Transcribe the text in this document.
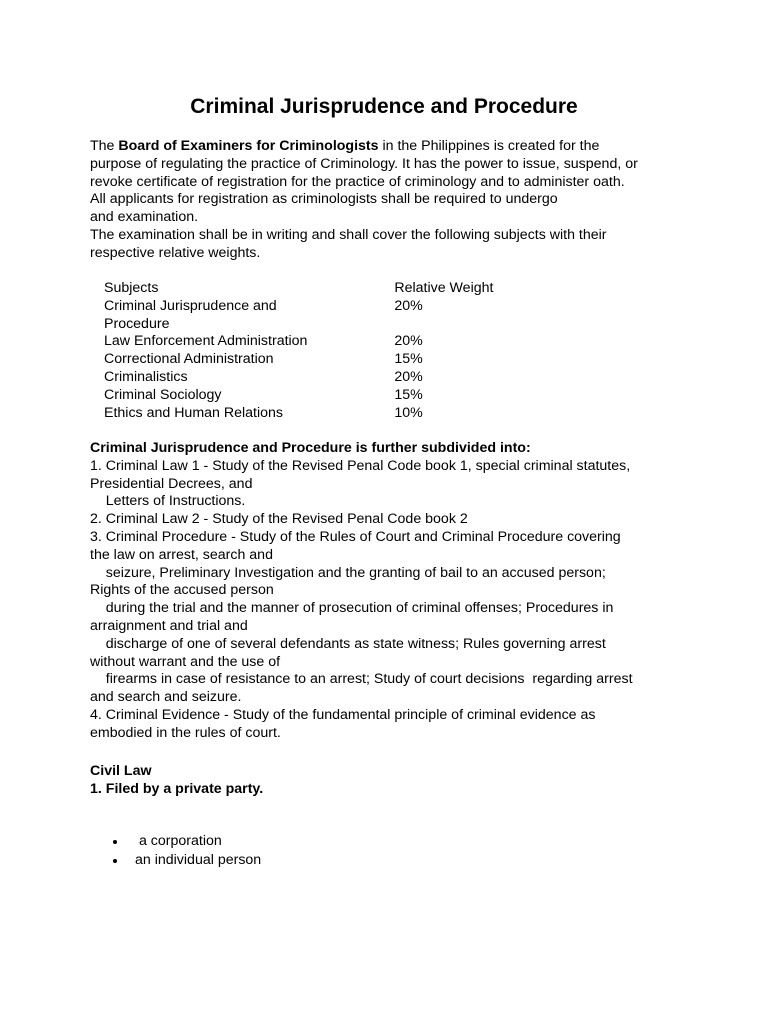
Criminal Jurisprudence and Procedure
The Board of Examiners for Criminologists in the Philippines is created for the
purpose of regulating the practice of Criminology. It has the power to issue, suspend, or
revoke certificate of registration for the practice of criminology and to administer oath.
All applicants for registration as criminologists shall be required to undergo
and examination.
The examination shall be in writing and shall cover the following subjects with their
respective relative weights.
Subjects	Relative Weight

Criminal Jurisprudence and
Procedure	20%
Law Enforcement Administration	20%
Correctional Administration	15%
Criminalistics	20%
Criminal Sociology	15%
Ethics and Human Relations	10%
Criminal Jurisprudence and Procedure is further subdivided into:
1. Criminal Law 1 - Study of the Revised Penal Code book 1, special criminal statutes,
Presidential Decrees, and
Letters of Instructions.
2. Criminal Law 2 - Study of the Revised Penal Code book 2
3. Criminal Procedure - Study of the Rules of Court and Criminal Procedure covering
the law on arrest, search and
seizure, Preliminary Investigation and the granting of bail to an accused person;
Rights of the accused person
during the trial and the manner of prosecution of criminal offenses; Procedures in
arraignment and trial and
discharge of one of several defendants as state witness; Rules governing arrest
without warrant and the use of
firearms in case of resistance to an arrest; Study of court decisions  regarding arrest
and search and seizure.
4. Criminal Evidence - Study of the fundamental principle of criminal evidence as
embodied in the rules of court.
Civil Law
1. Filed by a private party.
a corporation
an individual person
